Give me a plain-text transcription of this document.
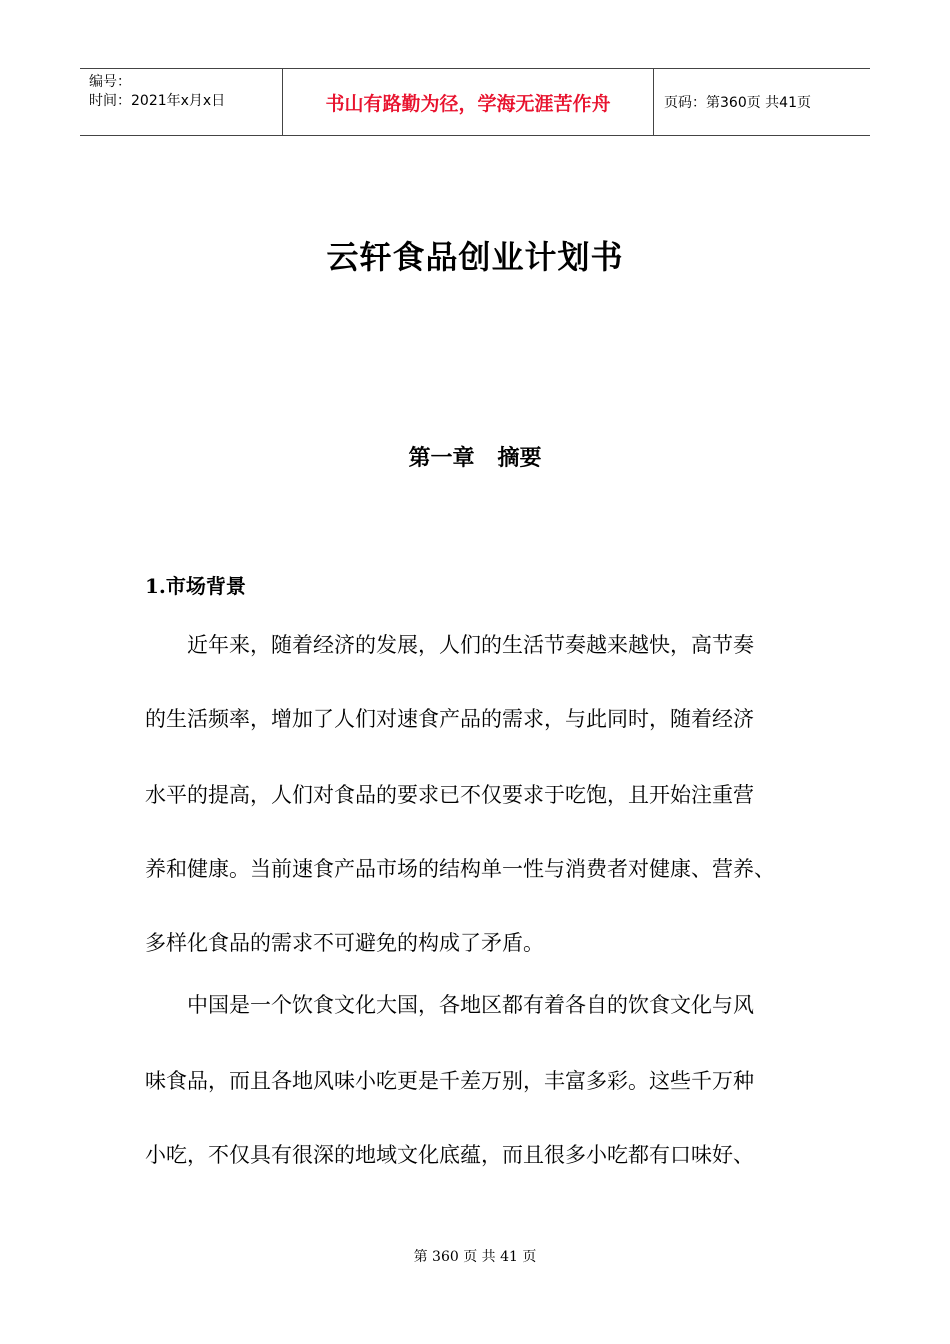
编号：
时间：2021年x月x日	书山有路勤为径，学海无涯苦作舟	页码：第360页 共41页
云轩食品创业计划书
第一章   摘要
1.市场背景
近年来，随着经济的发展，人们的生活节奏越来越快，高节奏
的生活频率，增加了人们对速食产品的需求，与此同时，随着经济
水平的提高，人们对食品的要求已不仅要求于吃饱，且开始注重营
养和健康。当前速食产品市场的结构单一性与消费者对健康、营养、
多样化食品的需求不可避免的构成了矛盾。
中国是一个饮食文化大国，各地区都有着各自的饮食文化与风
味食品，而且各地风味小吃更是千差万别，丰富多彩。这些千万种
小吃，不仅具有很深的地域文化底蕴，而且很多小吃都有口味好、
第 360 页 共 41 页
